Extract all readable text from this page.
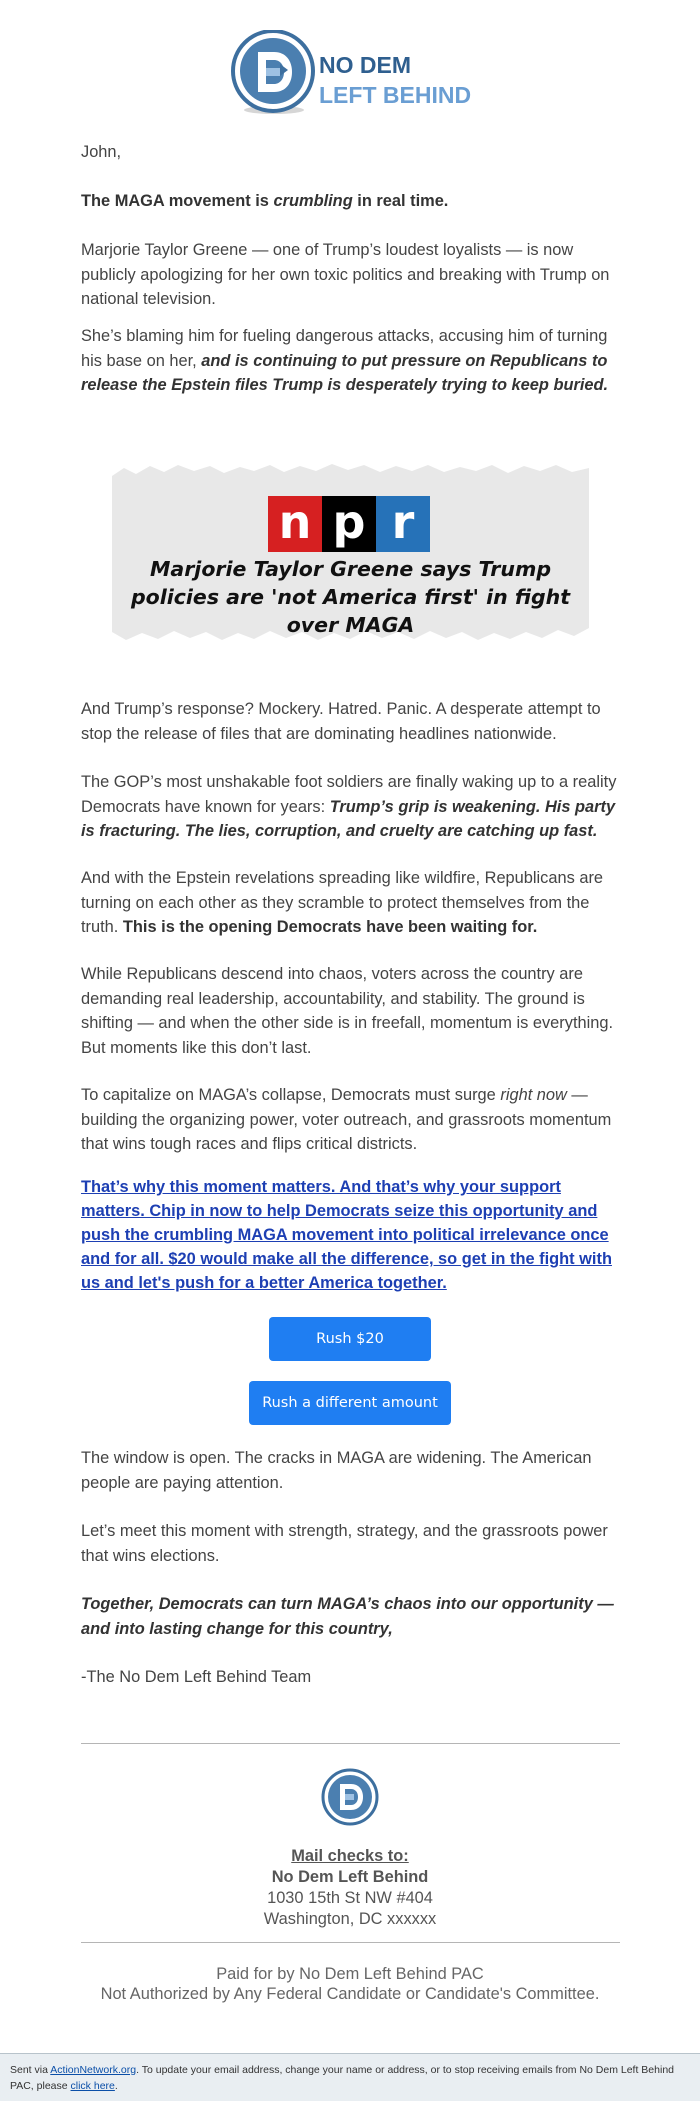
NO DEM
LEFT BEHIND

John,

The MAGA movement is crumbling in real time.

Marjorie Taylor Greene — one of Trump’s loudest loyalists — is now publicly apologizing for her own toxic politics and breaking with Trump on national television.

She’s blaming him for fueling dangerous attacks, accusing him of turning his base on her, and is continuing to put pressure on Republicans to release the Epstein files Trump is desperately trying to keep buried.

n p r
Marjorie Taylor Greene says Trump policies are 'not America first' in fight over MAGA

And Trump’s response? Mockery. Hatred. Panic. A desperate attempt to stop the release of files that are dominating headlines nationwide.

The GOP’s most unshakable foot soldiers are finally waking up to a reality Democrats have known for years: Trump’s grip is weakening. His party is fracturing. The lies, corruption, and cruelty are catching up fast.

And with the Epstein revelations spreading like wildfire, Republicans are turning on each other as they scramble to protect themselves from the truth. This is the opening Democrats have been waiting for.

While Republicans descend into chaos, voters across the country are demanding real leadership, accountability, and stability. The ground is shifting — and when the other side is in freefall, momentum is everything. But moments like this don’t last.

To capitalize on MAGA’s collapse, Democrats must surge right now — building the organizing power, voter outreach, and grassroots momentum that wins tough races and flips critical districts.

That’s why this moment matters. And that’s why your support matters. Chip in now to help Democrats seize this opportunity and push the crumbling MAGA movement into political irrelevance once and for all. $20 would make all the difference, so get in the fight with us and let's push for a better America together.
Rush $20
Rush a different amount

The window is open. The cracks in MAGA are widening. The American people are paying attention.

Let’s meet this moment with strength, strategy, and the grassroots power that wins elections.

Together, Democrats can turn MAGA’s chaos into our opportunity — and into lasting change for this country,

-The No Dem Left Behind Team

Mail checks to:
No Dem Left Behind
1030 15th St NW #404
Washington, DC xxxxxx
Paid for by No Dem Left Behind PAC
Not Authorized by Any Federal Candidate or Candidate's Committee.
Sent via ActionNetwork.org. To update your email address, change your name or address, or to stop receiving emails from No Dem Left Behind PAC, please click here.
